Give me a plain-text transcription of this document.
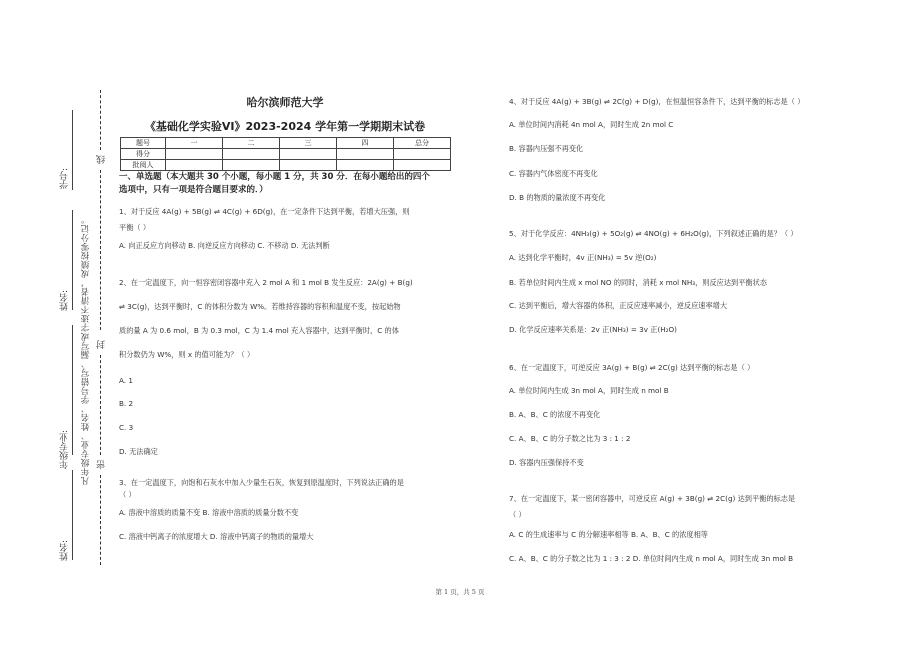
学号:
姓名:
年级专业:
姓名:
凡年级专业、姓名、学号错写、漏写或字迹不清者，成绩按零分记。
线
封
密
哈尔滨师范大学
《基础化学实验VI》2023-2024 学年第一学期期末试卷
题号	一	二	三	四	总分
得分					
批阅人					
一、单选题（本大题共 30 个小题，每小题 1 分，共 30 分．在每小题给出的四个
选项中，只有一项是符合题目要求的．）
1、对于反应 4A(g) + 5B(g) ⇌ 4C(g) + 6D(g)，在一定条件下达到平衡，若增大压强，则
平衡（ ）
A. 向正反应方向移动 B. 向逆反应方向移动 C. 不移动 D. 无法判断
2、在一定温度下，向一恒容密闭容器中充入 2 mol A 和 1 mol B 发生反应：2A(g) + B(g)
⇌ 3C(g)，达到平衡时，C 的体积分数为 W%。若维持容器的容积和温度不变，按起始物
质的量 A 为 0.6 mol，B 为 0.3 mol，C 为 1.4 mol 充入容器中，达到平衡时，C 的体
积分数仍为 W%，则 x 的值可能为？（ ）
A. 1
B. 2
C. 3
D. 无法确定
3、在一定温度下，向饱和石灰水中加入少量生石灰，恢复到原温度时，下列说法正确的是
（ ）
A. 溶液中溶质的质量不变 B. 溶液中溶质的质量分数不变
C. 溶液中钙离子的浓度增大 D. 溶液中钙离子的物质的量增大
4、对于反应 4A(g) + 3B(g) ⇌ 2C(g) + D(g)，在恒温恒容条件下，达到平衡的标志是（ ）
A. 单位时间内消耗 4n mol A，同时生成 2n mol C
B. 容器内压强不再变化
C. 容器内气体密度不再变化
D. B 的物质的量浓度不再变化
5、对于化学反应：4NH₃(g) + 5O₂(g) ⇌ 4NO(g) + 6H₂O(g)，下列叙述正确的是？（ ）
A. 达到化学平衡时，4v 正(NH₃) = 5v 逆(O₂)
B. 若单位时间内生成 x mol NO 的同时，消耗 x mol NH₃，则反应达到平衡状态
C. 达到平衡后，增大容器的体积，正反应速率减小，逆反应速率增大
D. 化学反应速率关系是：2v 正(NH₃) = 3v 正(H₂O)
6、在一定温度下，可逆反应 3A(g) + B(g) ⇌ 2C(g) 达到平衡的标志是（ ）
A. 单位时间内生成 3n mol A，同时生成 n mol B
B. A、B、C 的浓度不再变化
C. A、B、C 的分子数之比为 3 : 1 : 2
D. 容器内压强保持不变
7、在一定温度下，某一密闭容器中，可逆反应 A(g) + 3B(g) ⇌ 2C(g) 达到平衡的标志是
（ ）
A. C 的生成速率与 C 的分解速率相等 B. A、B、C 的浓度相等
C. A、B、C 的分子数之比为 1 : 3 : 2 D. 单位时间内生成 n mol A，同时生成 3n mol B
第 1 页，共 5 页
